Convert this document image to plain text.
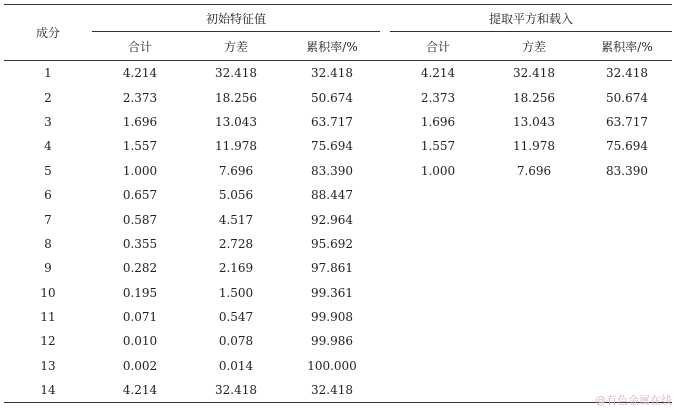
成分	初始特征值				提取平方和载入		
	合计	方差	累积率/%		合计	方差	累积率/%
1	4.214	32.418	32.418		4.214	32.418	32.418
2	2.373	18.256	50.674		2.373	18.256	50.674
3	1.696	13.043	63.717		1.696	13.043	63.717
4	1.557	11.978	75.694		1.557	11.978	75.694
5	1.000	7.696	83.390		1.000	7.696	83.390
6	0.657	5.056	88.447				
7	0.587	4.517	92.964				
8	0.355	2.728	95.692				
9	0.282	2.169	97.861				
10	0.195	1.500	99.361				
11	0.071	0.547	99.908				
12	0.010	0.078	99.986				
13	0.002	0.014	100.000				
14	4.214	32.418	32.418				
@有色金属在线
